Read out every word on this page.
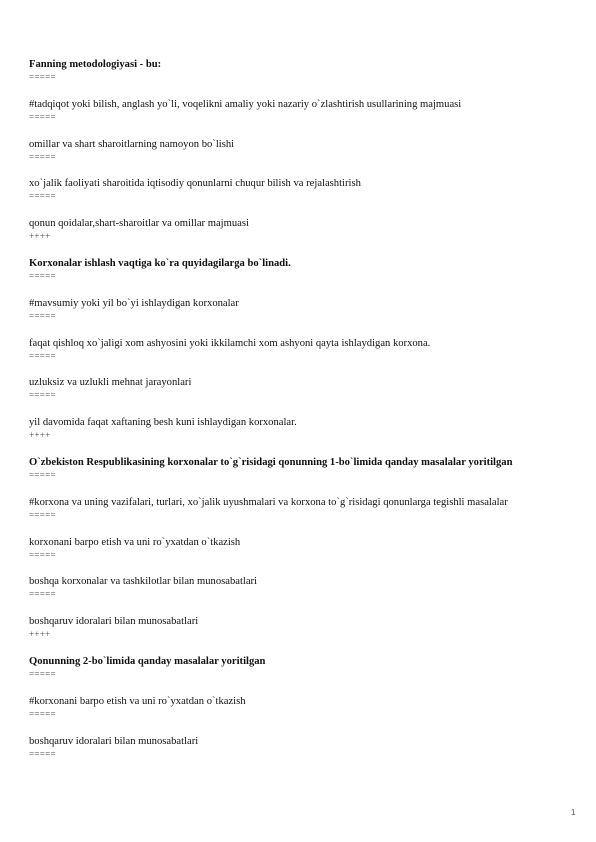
Fanning metodologiyasi - bu:
=====
#tadqiqot yoki bilish, anglash yo`li, voqelikni amaliy yoki nazariy o`zlashtirish usullarining majmuasi
=====
omillar va shart sharoitlarning namoyon bo`lishi
=====
xo`jalik faoliyati sharoitida iqtisodiy qonunlarni chuqur bilish va rejalashtirish
=====
qonun qoidalar,shart-sharoitlar va omillar majmuasi
++++
Korxonalar ishlash vaqtiga ko`ra quyidagilarga bo`linadi.
=====
#mavsumiy yoki yil bo`yi ishlaydigan korxonalar
=====
faqat qishloq xo`jaligi xom ashyosini yoki ikkilamchi xom ashyoni qayta ishlaydigan korxona.
=====
uzluksiz va uzlukli mehnat jarayonlari
=====
yil davomida faqat xaftaning besh kuni ishlaydigan korxonalar.
++++
O`zbekiston Respublikasining korxonalar to`g`risidagi qonunning 1-bo`limida qanday masalalar yoritilgan
=====
#korxona va uning vazifalari, turlari, xo`jalik uyushmalari va korxona to`g`risidagi qonunlarga tegishli masalalar
=====
korxonani barpo etish va uni ro`yxatdan o`tkazish
=====
boshqa korxonalar va tashkilotlar bilan munosabatlari
=====
boshqaruv idoralari bilan munosabatlari
++++
Qonunning 2-bo`limida qanday masalalar yoritilgan
=====
#korxonani barpo etish va uni ro`yxatdan o`tkazish
=====
boshqaruv idoralari bilan munosabatlari
=====
1
